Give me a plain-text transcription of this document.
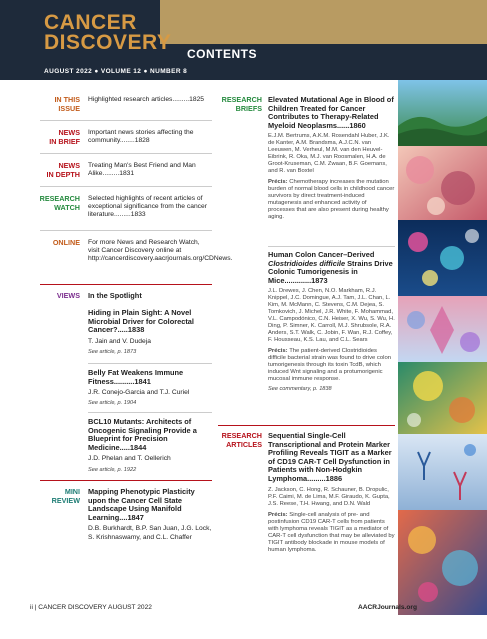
CANCER
DISCOVERY CONTENTS
AUGUST 2022 ● VOLUME 12 ● NUMBER 8
IN THIS
ISSUE
Highlighted research articles.........1825
NEWS
IN BRIEF
Important news stories affecting the community........1828
NEWS
IN DEPTH
Treating Man's Best Friend and Man Alike.........1831
RESEARCH
WATCH
Selected highlights of recent articles of exceptional significance from the cancer literature.........1833
ONLINE For more News and Research Watch, visit Cancer Discovery online at http://cancerdiscovery.aacrjournals.org/CDNews.
VIEWS In the Spotlight
Hiding in Plain Sight: A Novel Microbial Driver for Colorectal Cancer?.....1838
T. Jain and V. Dudeja
See article, p. 1873
Belly Fat Weakens Immune Fitness..........1841
J.R. Conejo-Garcia and T.J. Curiel
See article, p. 1904
BCL10 Mutants: Architects of Oncogenic Signaling Provide a Blueprint for Precision Medicine.....1844
J.D. Phelan and T. Oellerich
See article, p. 1922
MINI
REVIEW
Mapping Phenotypic Plasticity upon the Cancer Cell State Landscape Using Manifold Learning....1847
D.B. Burkhardt, B.P. San Juan, J.G. Lock, S. Krishnaswamy, and C.L. Chaffer
RESEARCH
BRIEFS
Elevated Mutational Age in Blood of Children Treated for Cancer Contributes to Therapy-Related Myeloid Neoplasms......1860
E.J.M. Bertrums, A.K.M. Rosendahl Huber, J.K. de Kanter, A.M. Brandsma, A.J.C.N. van Leeuwen, M. Verheul, M.M. van den Heuvel-Eibrink, R. Oka, M.J. van Roosmalen, H.A. de Groot-Kruseman, C.M. Zwaan, B.F. Goemans, and R. van Boxtel
Précis: Chemotherapy increases the mutation burden of normal blood cells in childhood cancer survivors by direct treatment-induced mutagenesis and enhanced activity of processes that are also present during healthy aging.
Human Colon Cancer–Derived Clostridioides difficile Strains Drive Colonic Tumorigenesis in Mice.............1873
J.L. Drewes, J. Chen, N.O. Markham, R.J. Knippel, J.C. Domingue, A.J. Tam, J.L. Chan, L. Kim, M. McMann, C. Stevens, C.M. Dejea, S. Tomkovich, J. Michel, J.R. White, F. Mohammad, V.L. Campodónico, C.N. Heiser, X. Wu, S. Wu, H. Ding, P. Simner, K. Carroll, M.J. Shrubsole, R.A. Anders, S.T. Walk, C. Jobin, F. Wan, R.J. Coffey, F. Housseau, K.S. Lau, and C.L. Sears
Précis: The patient-derived Clostridioides difficile bacterial strain was found to drive colon tumorigenesis through its toxin TcdB, which induced Wnt signaling and a protumorigenic mucosal immune response.
See commentary, p. 1838
RESEARCH
ARTICLES
Sequential Single-Cell Transcriptional and Protein Marker Profiling Reveals TIGIT as a Marker of CD19 CAR-T Cell Dysfunction in Patients with Non-Hodgkin Lymphoma.........1886
Z. Jackson, C. Hong, R. Schauner, B. Dropulic, P.F. Caimi, M. de Lima, M.F. Giraudo, K. Gupta, J.S. Reese, T.H. Hwang, and D.N. Wald
Précis: Single-cell analysis of pre- and postinfusion CD19 CAR-T cells from patients with lymphoma reveals TIGIT as a mediator of CAR-T cell dysfunction that may be alleviated by TIGIT antibody blockade in mouse models of human lymphoma.
ii | CANCER DISCOVERY AUGUST 2022	AACRJournals.org
